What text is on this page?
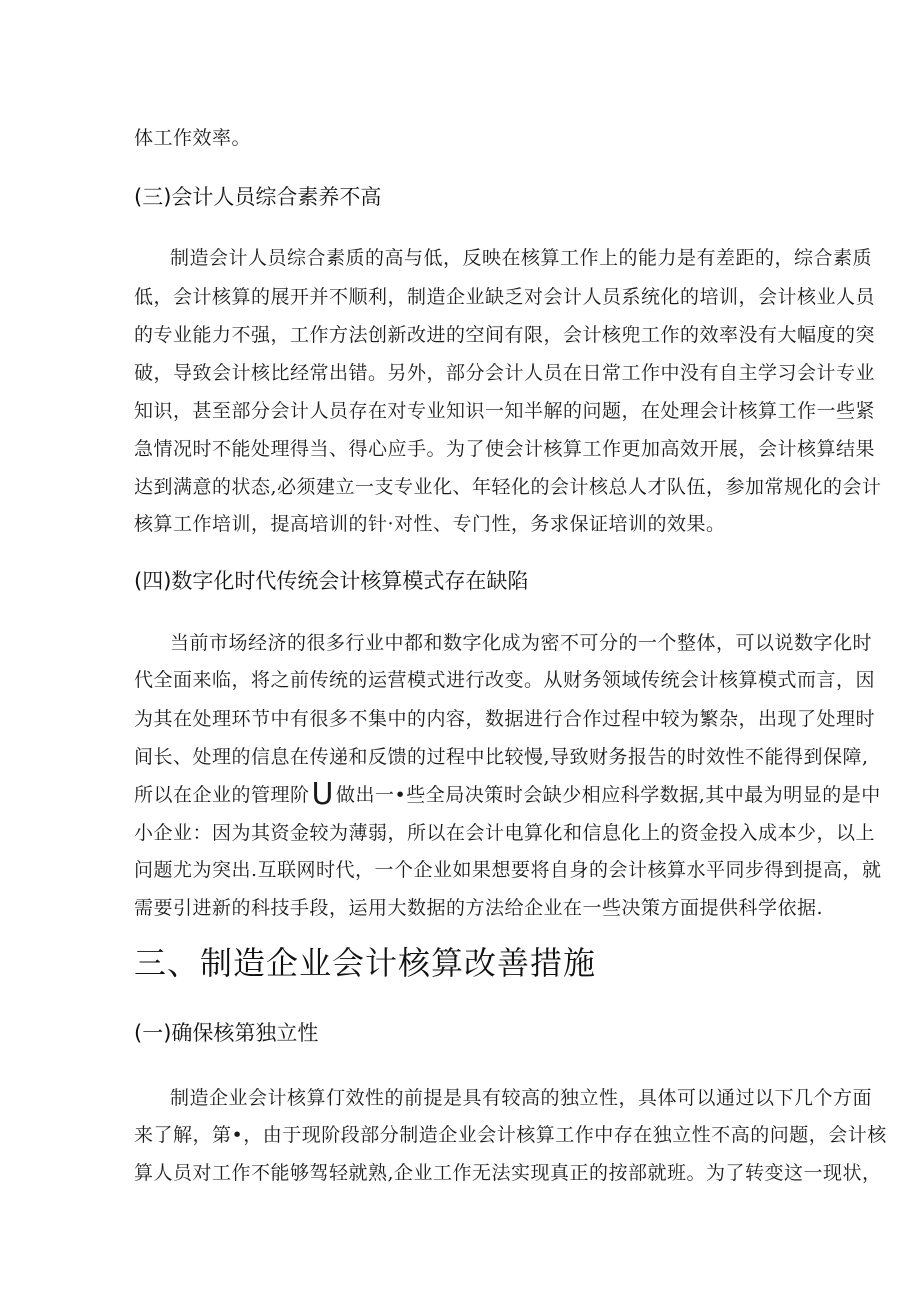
体工作效率。
(三)会计人员综合素养不高
制造会计人员综合素质的高与低，反映在核算工作上的能力是有差距的，综合素质
低，会计核算的展开并不顺利，制造企业缺乏对会计人员系统化的培训，会计核业人员
的专业能力不强，工作方法创新改进的空间有限，会计核兜工作的效率没有大幅度的突
破，导致会计核比经常出错。另外，部分会计人员在日常工作中没有自主学习会计专业
知识，甚至部分会计人员存在对专业知识一知半解的问题，在处理会计核算工作一些紧
急情况时不能处理得当、得心应手。为了使会计核算工作更加高效开展，会计核算结果
达到满意的状态,必须建立一支专业化、年轻化的会计核总人才队伍，参加常规化的会计
核算工作培训，提高培训的针·对性、专门性，务求保证培训的效果。
(四)数字化时代传统会计核算模式存在缺陷
当前市场经济的很多行业中都和数字化成为密不可分的一个整体，可以说数字化时
代全面来临，将之前传统的运营模式进行改变。从财务领域传统会计核算模式而言，因
为其在处理环节中有很多不集中的内容，数据进行合作过程中较为繁杂，出现了处理时
间长、处理的信息在传递和反馈的过程中比较慢,导致财务报告的时效性不能得到保障,
所以在企业的管理阶U 做出一•些全局决策时会缺少相应科学数据,其中最为明显的是中
小企业：因为其资金较为薄弱，所以在会计电算化和信息化上的资金投入成本少，以上
问题尤为突出.互联网时代，一个企业如果想要将自身的会计核算水平同步得到提高，就
需要引进新的科技手段，运用大数据的方法给企业在一些决策方面提供科学依据.
三、制造企业会计核算改善措施
(一)确保核第独立性
制造企业会计核算仃效性的前提是具有较高的独立性，具体可以通过以下几个方面
来了解，第•，由于现阶段部分制造企业会计核算工作中存在独立性不高的问题，会计核
算人员对工作不能够驾轻就熟,企业工作无法实现真正的按部就班。为了转变这一现状，
